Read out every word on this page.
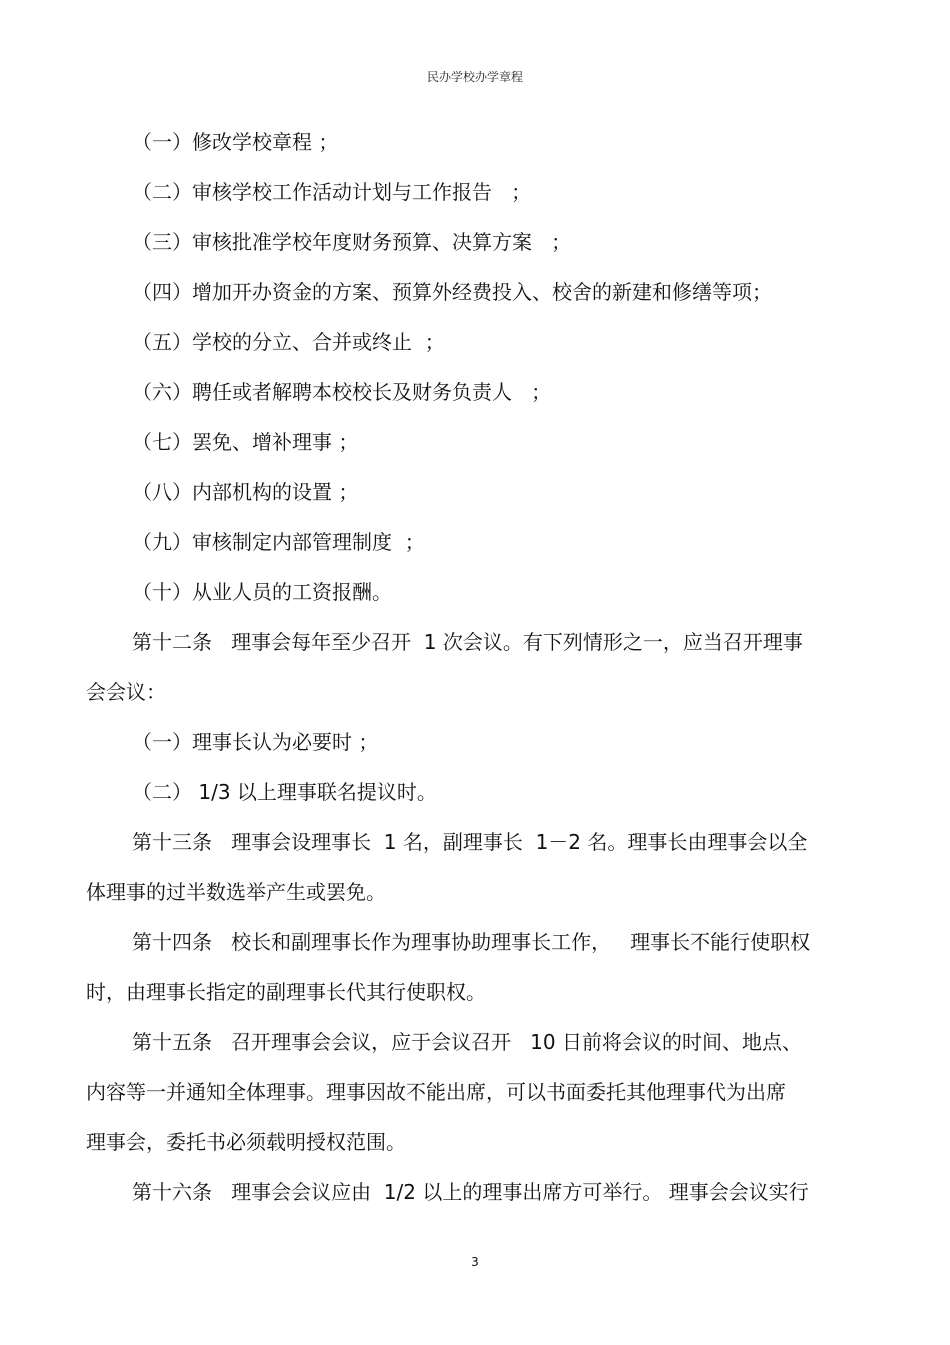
民办学校办学章程
（一）修改学校章程 ；
（二）审核学校工作活动计划与工作报告   ；
（三）审核批准学校年度财务预算、决算方案   ；
（四）增加开办资金的方案、预算外经费投入、校舍的新建和修缮等项；
（五）学校的分立、合并或终止  ；
（六）聘任或者解聘本校校长及财务负责人   ；
（七）罢免、增补理事 ；
（八）内部机构的设置 ；
（九）审核制定内部管理制度  ；
（十）从业人员的工资报酬。
第十二条   理事会每年至少召开  1 次会议。有下列情形之一，应当召开理事
会会议：
（一）理事长认为必要时 ；
（二） 1/3 以上理事联名提议时。
第十三条   理事会设理事长  1 名，副理事长  1－2 名。理事长由理事会以全
体理事的过半数选举产生或罢免。
第十四条   校长和副理事长作为理事协助理事长工作，   理事长不能行使职权
时，由理事长指定的副理事长代其行使职权。
第十五条   召开理事会会议，应于会议召开   10 日前将会议的时间、地点、
内容等一并通知全体理事。理事因故不能出席，可以书面委托其他理事代为出席
理事会，委托书必须载明授权范围。
第十六条   理事会会议应由  1/2 以上的理事出席方可举行。 理事会会议实行
3
